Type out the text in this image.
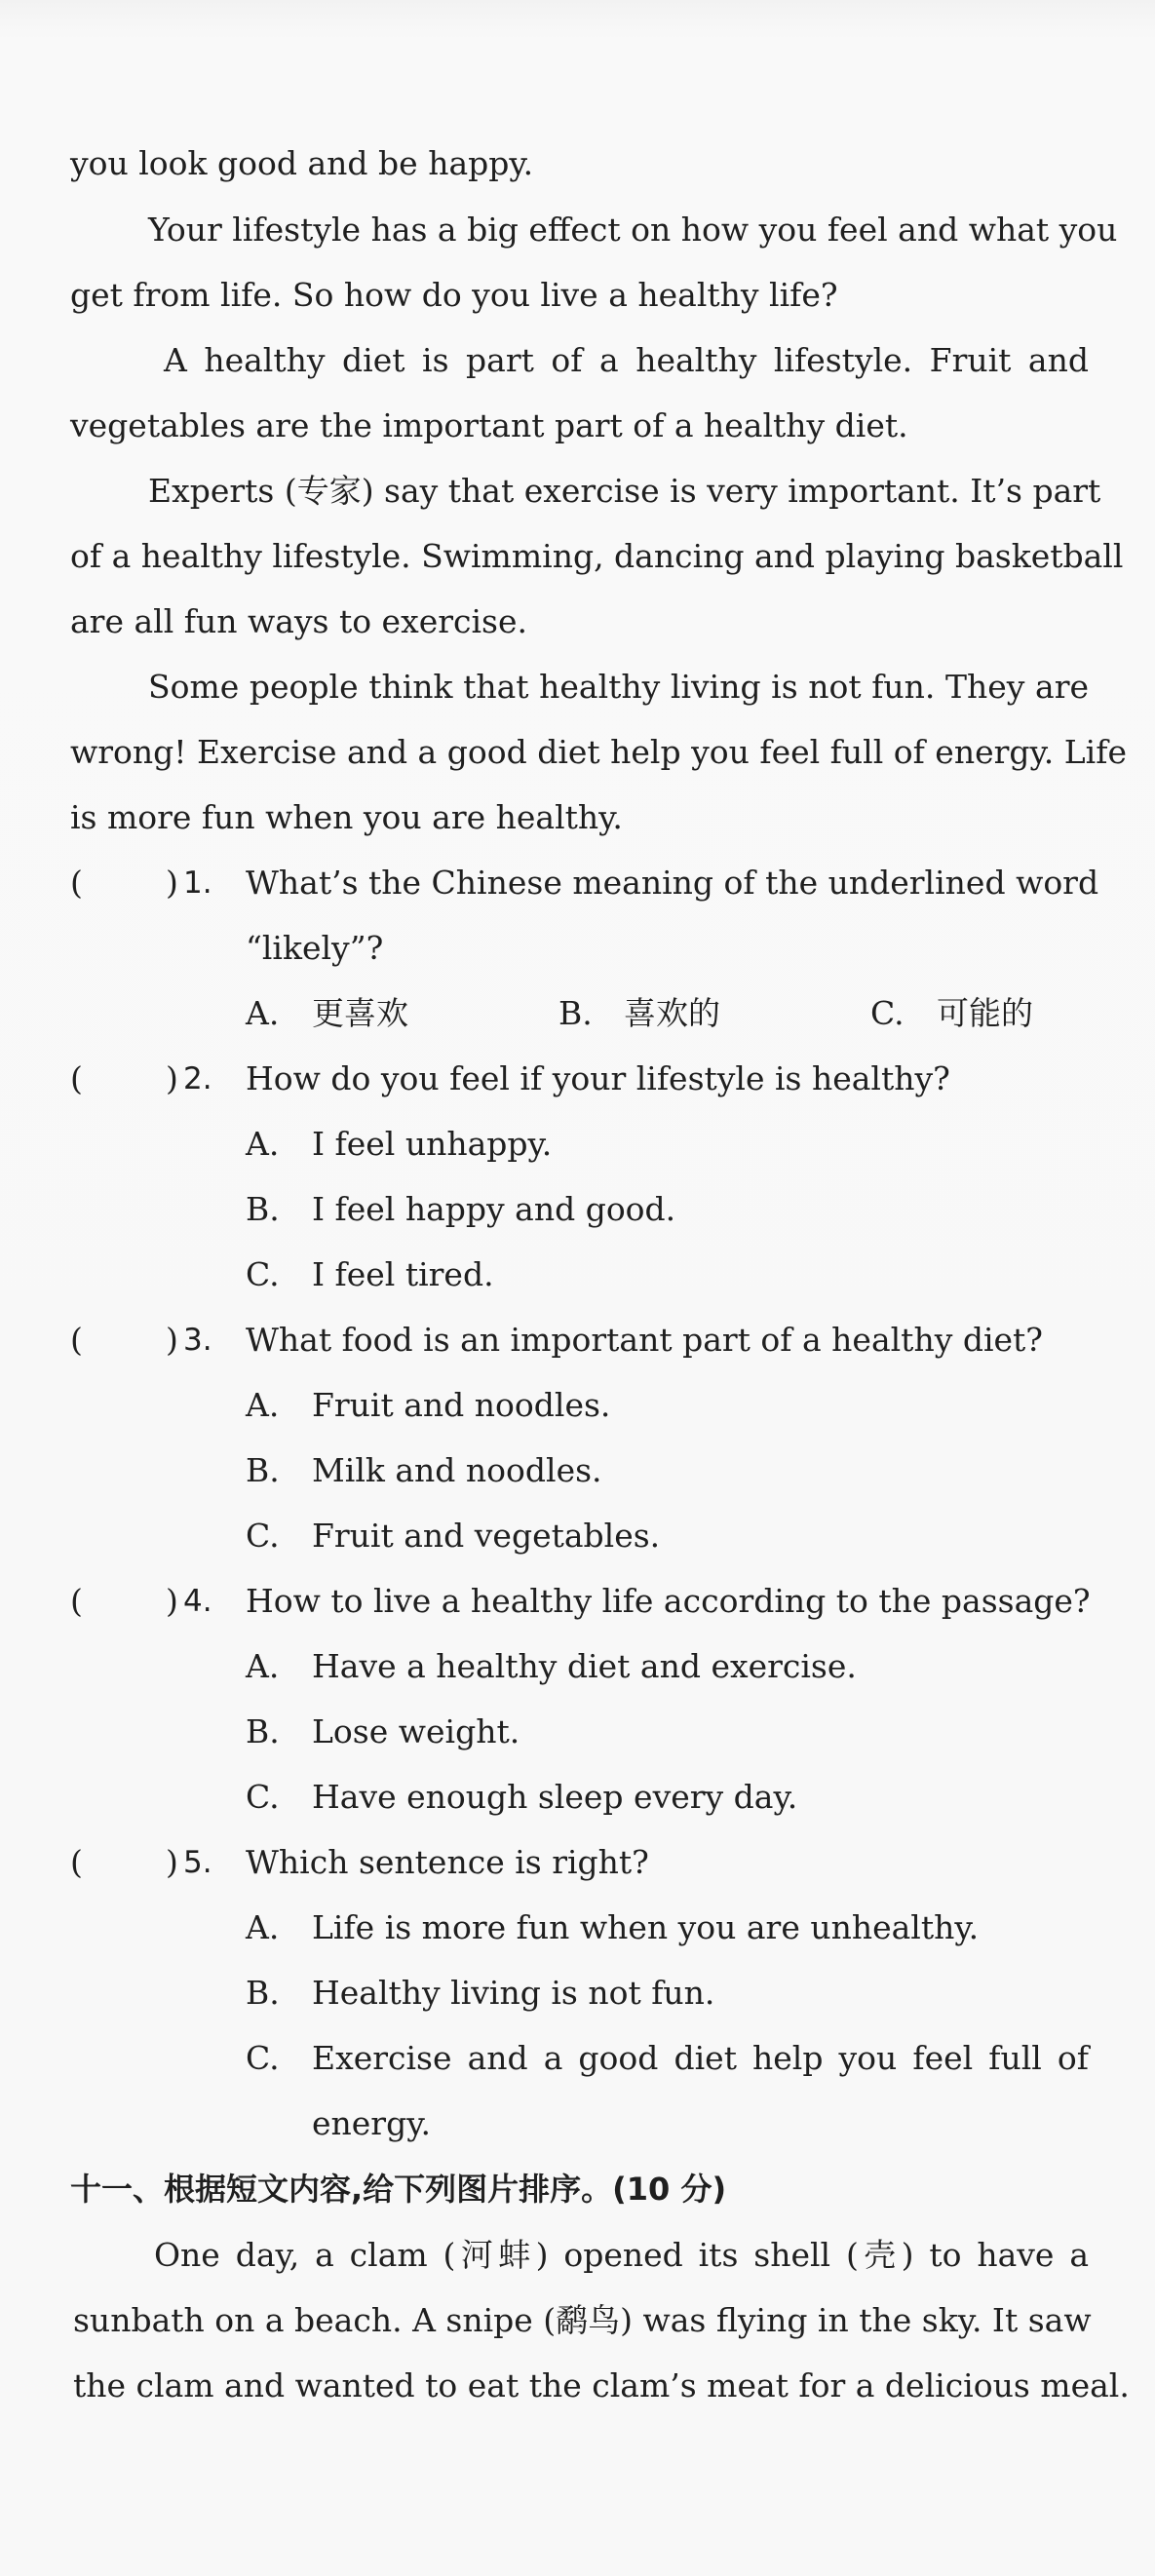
you look good and be happy.
Your lifestyle has a big effect on how you feel and what you
get from life. So how do you live a healthy life?
A healthy diet is part of a healthy lifestyle. Fruit and
vegetables are the important part of a healthy diet.
Experts (专家) say that exercise is very important. It’s part
of a healthy lifestyle. Swimming, dancing and playing basketball
are all fun ways to exercise.
Some people think that healthy living is not fun. They are
wrong! Exercise and a good diet help you feel full of energy. Life
is more fun when you are healthy.
(	) 1. What’s the Chinese meaning of the underlined word
“likely”?
A. 更喜欢	B. 喜欢的	C. 可能的
(	) 2. How do you feel if your lifestyle is healthy?
A. I feel unhappy.
B. I feel happy and good.
C. I feel tired.
(	) 3. What food is an important part of a healthy diet?
A. Fruit and noodles.
B. Milk and noodles.
C. Fruit and vegetables.
(	) 4. How to live a healthy life according to the passage?
A. Have a healthy diet and exercise.
B. Lose weight.
C. Have enough sleep every day.
(	) 5. Which sentence is right?
A. Life is more fun when you are unhealthy.
B. Healthy living is not fun.
C. Exercise and a good diet help you feel full of
energy.
十一、根据短文内容,给下列图片排序。(10 分)
One day, a clam (河蚌) opened its shell (壳) to have a
sunbath on a beach. A snipe (鹬鸟) was flying in the sky. It saw
the clam and wanted to eat the clam’s meat for a delicious meal.
